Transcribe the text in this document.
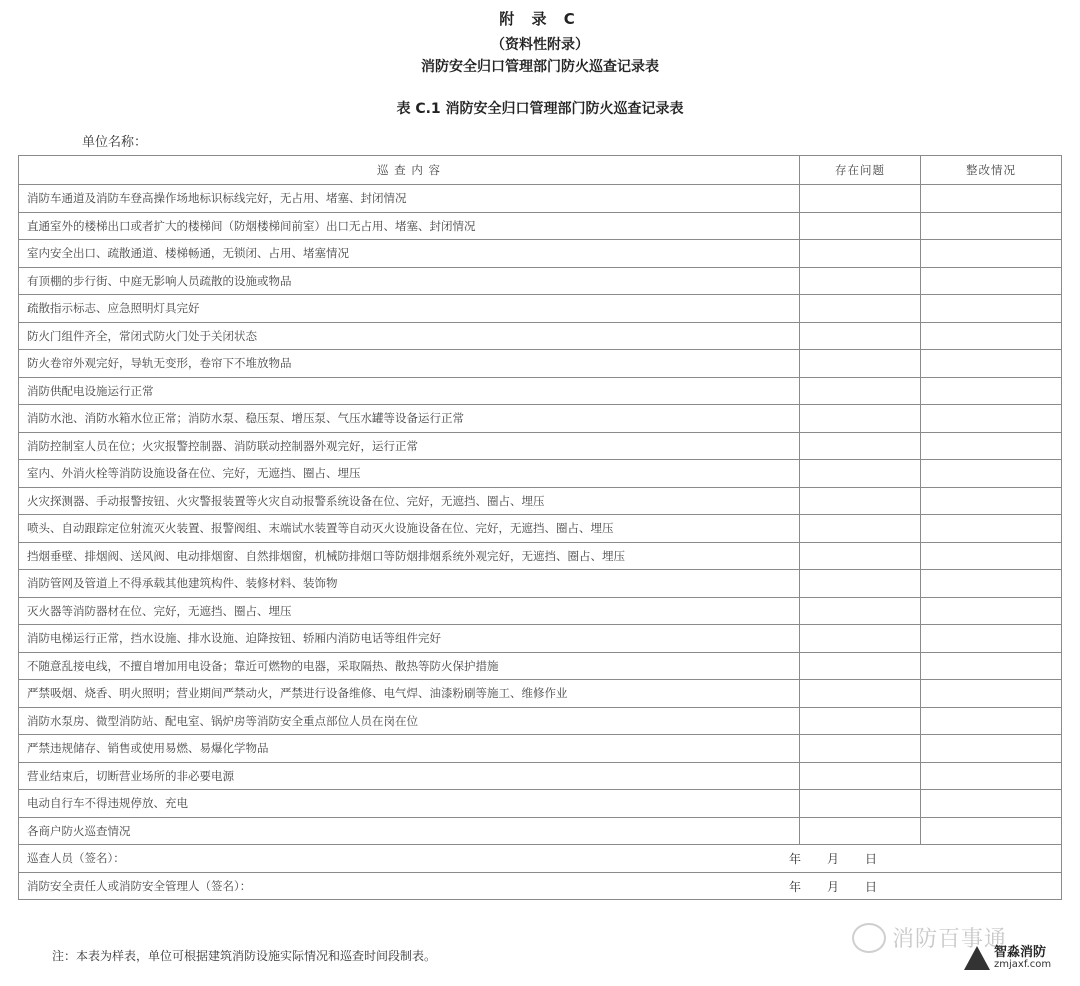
附 录 C
（资料性附录）
消防安全归口管理部门防火巡查记录表
表 C.1 消防安全归口管理部门防火巡查记录表
单位名称：
巡 查 内 容	存在问题	整改情况
消防车通道及消防车登高操作场地标识标线完好，无占用、堵塞、封闭情况		
直通室外的楼梯出口或者扩大的楼梯间（防烟楼梯间前室）出口无占用、堵塞、封闭情况		
室内安全出口、疏散通道、楼梯畅通，无锁闭、占用、堵塞情况		
有顶棚的步行街、中庭无影响人员疏散的设施或物品		
疏散指示标志、应急照明灯具完好		
防火门组件齐全，常闭式防火门处于关闭状态		
防火卷帘外观完好，导轨无变形，卷帘下不堆放物品		
消防供配电设施运行正常		
消防水池、消防水箱水位正常；消防水泵、稳压泵、增压泵、气压水罐等设备运行正常		
消防控制室人员在位；火灾报警控制器、消防联动控制器外观完好，运行正常		
室内、外消火栓等消防设施设备在位、完好，无遮挡、圈占、埋压		
火灾探测器、手动报警按钮、火灾警报装置等火灾自动报警系统设备在位、完好，无遮挡、圈占、埋压		
喷头、自动跟踪定位射流灭火装置、报警阀组、末端试水装置等自动灭火设施设备在位、完好，无遮挡、圈占、埋压		
挡烟垂壁、排烟阀、送风阀、电动排烟窗、自然排烟窗，机械防排烟口等防烟排烟系统外观完好，无遮挡、圈占、埋压		
消防管网及管道上不得承载其他建筑构件、装修材料、装饰物		
灭火器等消防器材在位、完好，无遮挡、圈占、埋压		
消防电梯运行正常，挡水设施、排水设施、迫降按钮、轿厢内消防电话等组件完好		
不随意乱接电线，不擅自增加用电设备；靠近可燃物的电器，采取隔热、散热等防火保护措施		
严禁吸烟、烧香、明火照明；营业期间严禁动火，严禁进行设备维修、电气焊、油漆粉刷等施工、维修作业		
消防水泵房、微型消防站、配电室、锅炉房等消防安全重点部位人员在岗在位		
严禁违规储存、销售或使用易燃、易爆化学物品		
营业结束后，切断营业场所的非必要电源		
电动自行车不得违规停放、充电		
各商户防火巡查情况		
巡查人员（签名）： 年 月 日		

消防安全责任人或消防安全管理人（签名）： 年 月 日		
注：本表为样表，单位可根据建筑消防设施实际情况和巡查时间段制表。
消防百事通
智淼消防
zmjaxf.com
